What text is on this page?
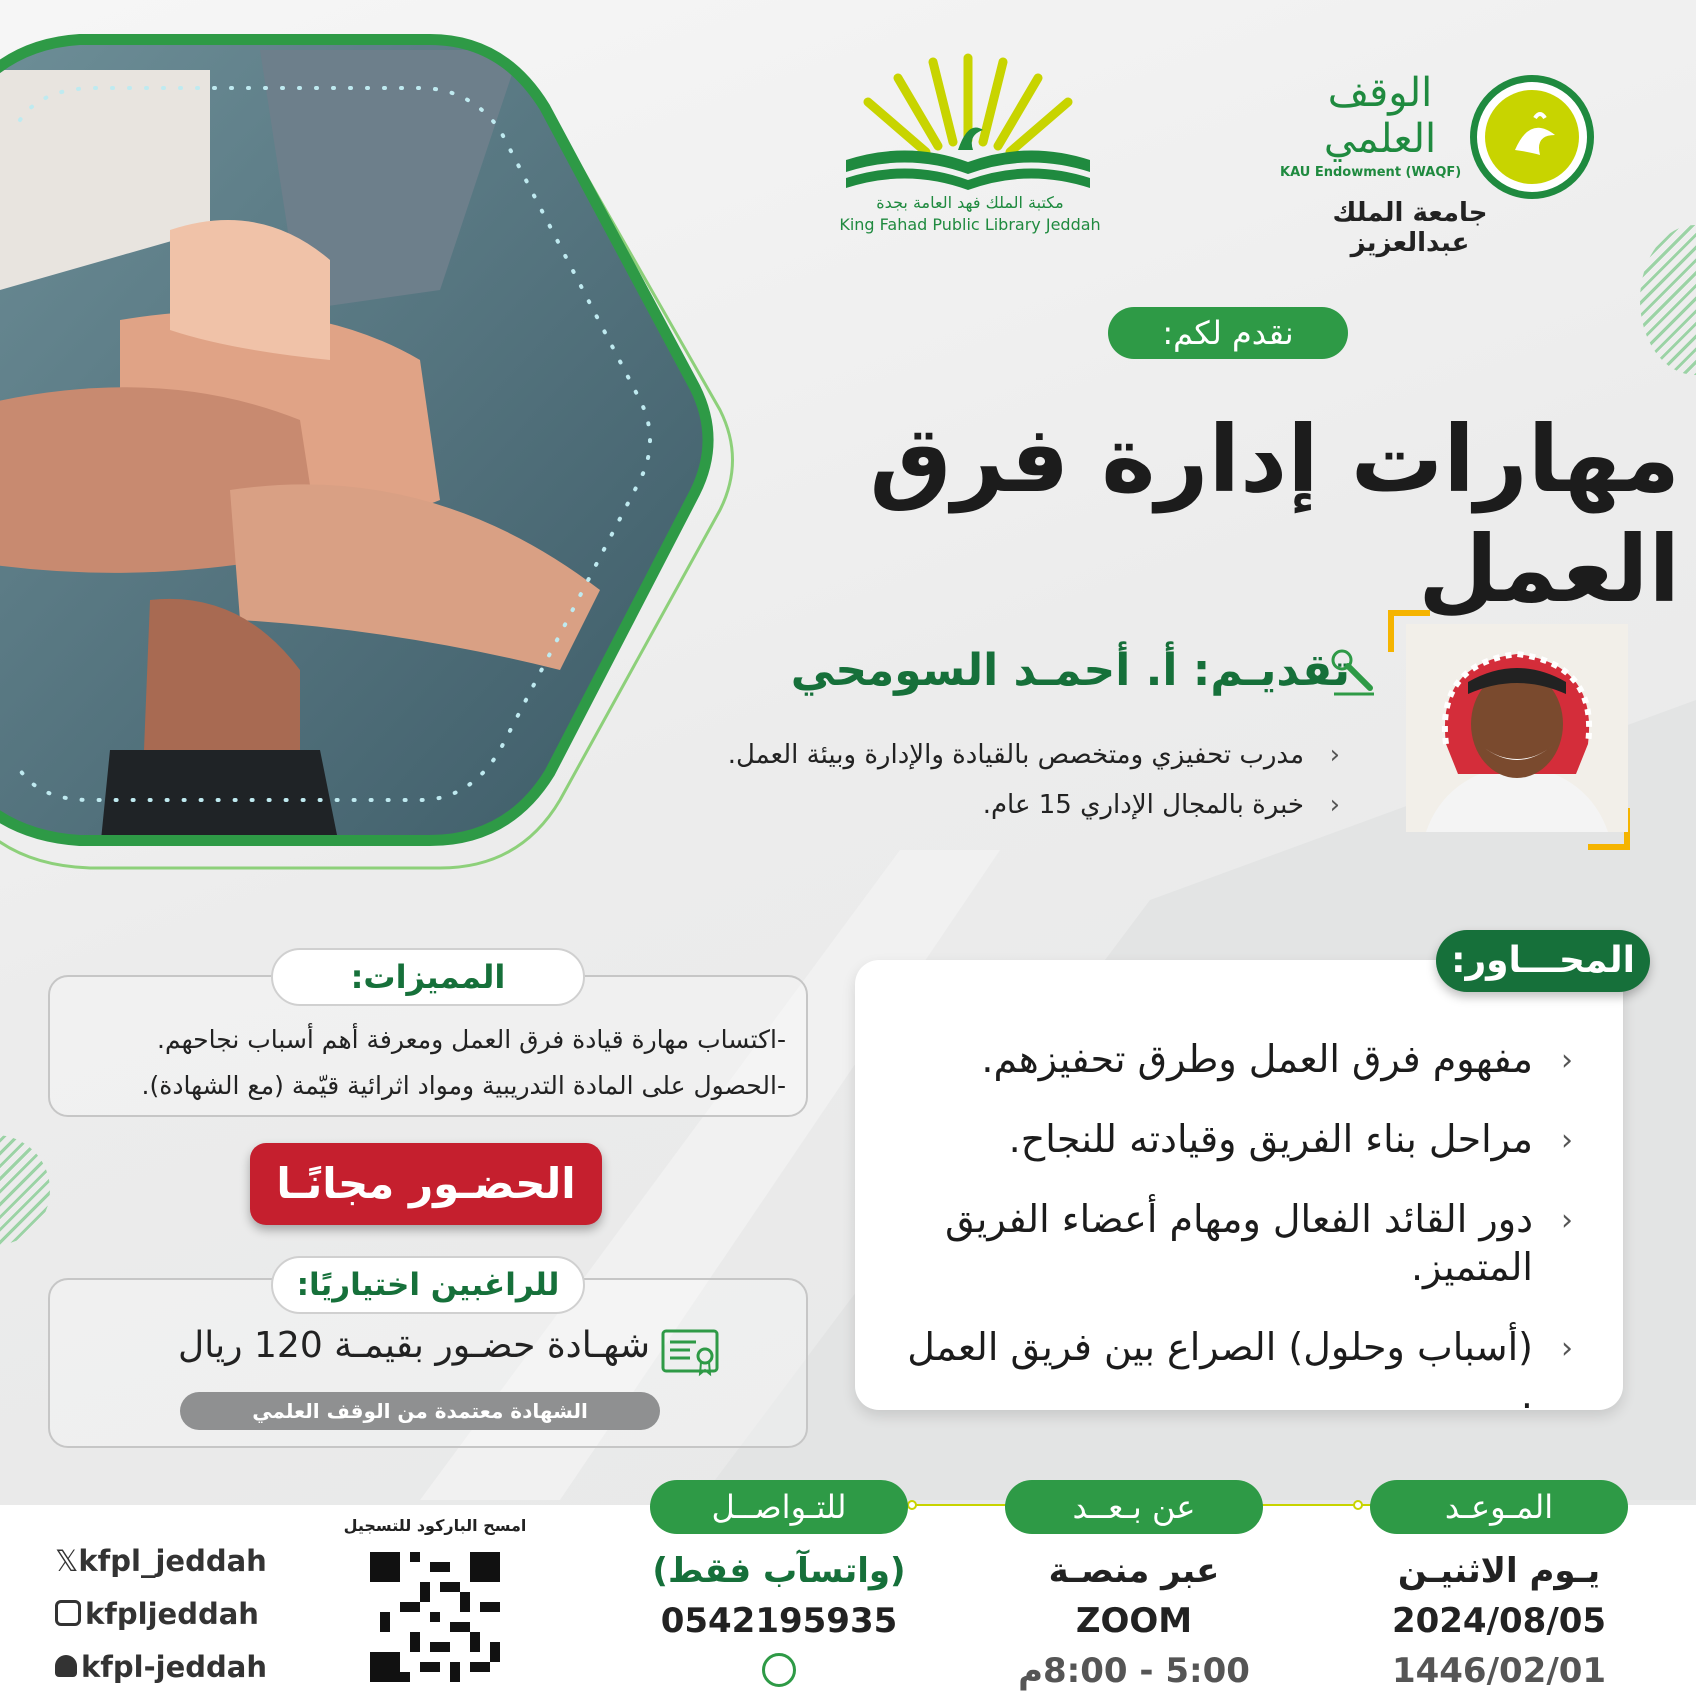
مكتبة الملك فهد العامة بجدة
King Fahad Public Library Jeddah
الوقف العلمي
KAU Endowment (WAQF)
جامعة الملك عبدالعزيز
نقدم لكم:
مهارات إدارة فرق العمل
تقديـم: أ. أحمـد السومحي
‹
مدرب تحفيزي ومتخصص بالقيادة والإدارة وبيئة العمل.
‹
خبرة بالمجال الإداري 15 عام.
‹
مفهوم فرق العمل وطرق تحفيزهم.
‹
مراحل بناء الفريق وقيادته للنجاح.
‹
دور القائد الفعال ومهام أعضاء الفريق المتميز.
‹
(أسباب وحلول) الصراع بين فريق العمل .
المحـــاور:
-اكتساب مهارة قيادة فرق العمل ومعرفة أهم أسباب نجاحهم.
-الحصول على المادة التدريبية ومواد اثرائية قيّمة (مع الشهادة).
المميزات:
الحضـور مجانًـا
للراغبين اختياريًا:
شهـادة حضـور بقيمـة 120 ريال
الشهادة معتمدة من الوقف العلمي
المـوعـد
يـوم الاثنيـن
2024/08/05
1446/02/01
عن بـعــد
عبر منصـة
ZOOM
5:00 - 8:00م
للتـواصــل
(واتسآب فقط)
0542195935
امسح الباركود للتسجيل
𝕏kfpl_jeddah
kfpljeddah
kfpl-jeddah
